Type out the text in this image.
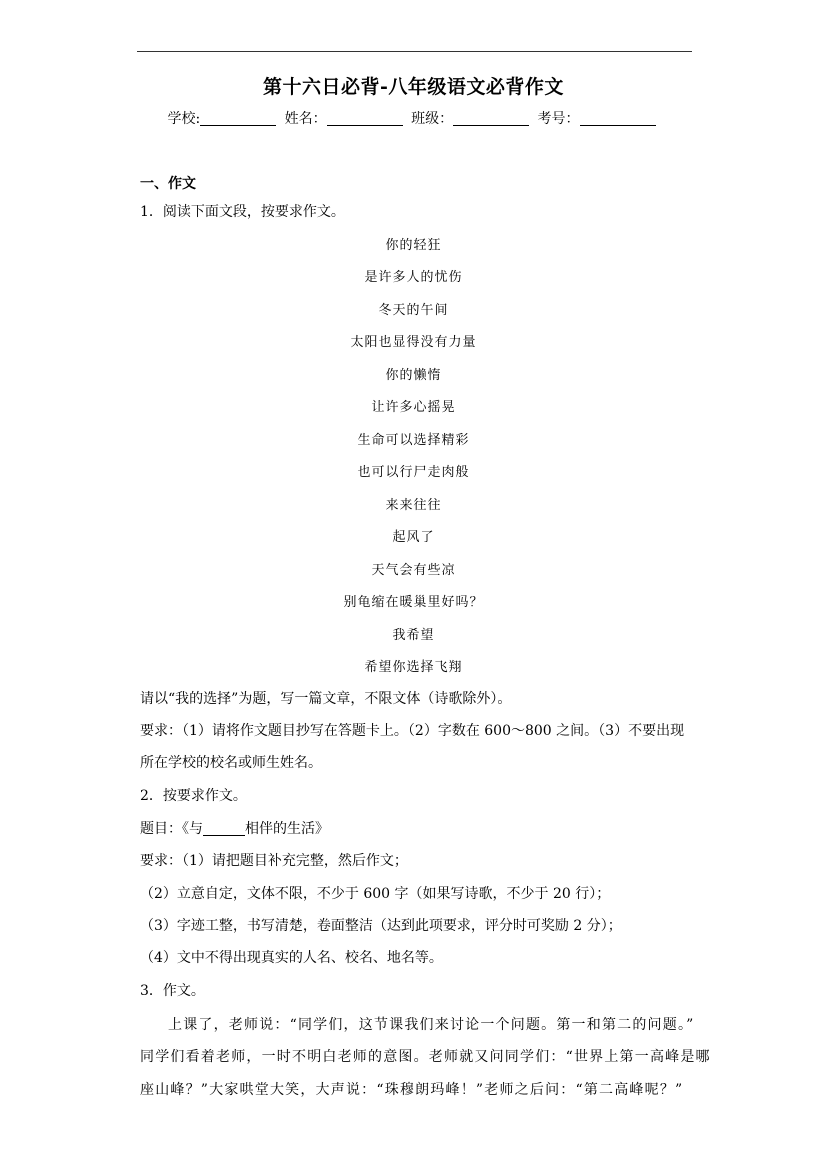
第十六日必背-八年级语文必背作文
学校:	姓名：	班级：	考号：
一、作文
1．阅读下面文段，按要求作文。
你的轻狂
是许多人的忧伤
冬天的午间
太阳也显得没有力量
你的懒惰
让许多心摇晃
生命可以选择精彩
也可以行尸走肉般
来来往往
起风了
天气会有些凉
别龟缩在暖巢里好吗？
我希望
希望你选择飞翔
请以“我的选择”为题，写一篇文章，不限文体（诗歌除外）。
要求：（1）请将作文题目抄写在答题卡上。（2）字数在 600～800 之间。（3）不要出现
所在学校的校名或师生姓名。
2．按要求作文。
题目：《与	相伴的生活》
要求：（1）请把题目补充完整，然后作文；
（2）立意自定，文体不限，不少于 600 字（如果写诗歌，不少于 20 行）；
（3）字迹工整，书写清楚，卷面整洁（达到此项要求，评分时可奖励 2 分）；
（4）文中不得出现真实的人名、校名、地名等。
3．作文。
上课了，老师说：“同学们，这节课我们来讨论一个问题。第一和第二的问题。”
同学们看着老师，一时不明白老师的意图。老师就又问同学们：“世界上第一高峰是哪
座山峰？”大家哄堂大笑，大声说：“珠穆朗玛峰！”老师之后问：“第二高峰呢？”
